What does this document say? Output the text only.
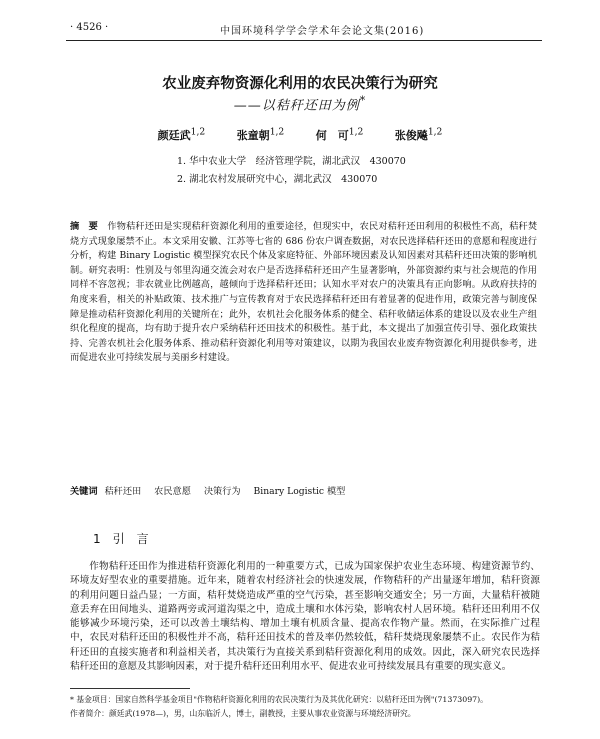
· 4526 ·	中国环境科学学会学术年会论文集(2016)
农业废弃物资源化利用的农民决策行为研究
——以秸秆还田为例*
颜廷武$^{1,2}$	张童朝$^{1,2}$	何　可$^{1,2}$	张俊飚$^{1,2}$
1. 华中农业大学　经济管理学院，湖北武汉　430070
2. 湖北农村发展研究中心，湖北武汉　430070
摘　要　 作物秸秆还田是实现秸秆资源化利用的重要途径，但现实中，农民对秸秆还田利用的积极性不高，秸秆焚烧方式现象屡禁不止。本文采用安徽、江苏等七省的 686 份农户调查数据，对农民选择秸秆还田的意愿和程度进行分析，构建 Binary Logistic 模型探究农民个体及家庭特征、外部环境因素及认知因素对其秸秆还田决策的影响机制。研究表明：性别及与邻里沟通交流会对农户是否选择秸秆还田产生显著影响，外部资源约束与社会规范的作用同样不容忽视；非农就业比例越高，越倾向于选择秸秆还田；认知水平对农户的决策具有正向影响。从政府扶持的角度来看，相关的补贴政策、技术推广与宣传教育对于农民选择秸秆还田有着显著的促进作用，政策完善与制度保障是推动秸秆资源化利用的关键所在；此外，农机社会化服务体系的健全、秸秆收储运体系的建设以及农业生产组织化程度的提高，均有助于提升农户采纳秸秆还田技术的积极性。基于此，本文提出了加强宣传引导、强化政策扶持、完善农机社会化服务体系、推动秸秆资源化利用等对策建议，以期为我国农业废弃物资源化利用提供参考，进而促进农业可持续发展与美丽乡村建设。
关键词 秸秆还田 农民意愿 决策行为 Binary Logistic 模型
1　 引　言
作物秸秆还田作为推进秸秆资源化利用的一种重要方式，已成为国家保护农业生态环境、构建资源节约、环境友好型农业的重要措施。近年来，随着农村经济社会的快速发展，作物秸秆的产出量逐年增加，秸秆资源的利用问题日益凸显；一方面，秸秆焚烧造成严重的空气污染，甚至影响交通安全；另一方面，大量秸秆被随意丢弃在田间地头、道路两旁或河道沟渠之中，造成土壤和水体污染，影响农村人居环境。秸秆还田利用不仅能够减少环境污染，还可以改善土壤结构、增加土壤有机质含量、提高农作物产量。然而，在实际推广过程中，农民对秸秆还田的积极性并不高，秸秆还田技术的普及率仍然较低，秸秆焚烧现象屡禁不止。农民作为秸秆还田的直接实施者和利益相关者，其决策行为直接关系到秸秆资源化利用的成效。因此，深入研究农民选择秸秆还田的意愿及其影响因素，对于提升秸秆还田利用水平、促进农业可持续发展具有重要的现实意义。
* 基金项目：国家自然科学基金项目"作物秸秆资源化利用的农民决策行为及其优化研究：以秸秆还田为例"(71373097)。
作者简介：颜廷武(1978—)，男，山东临沂人，博士，副教授，主要从事农业资源与环境经济研究。
